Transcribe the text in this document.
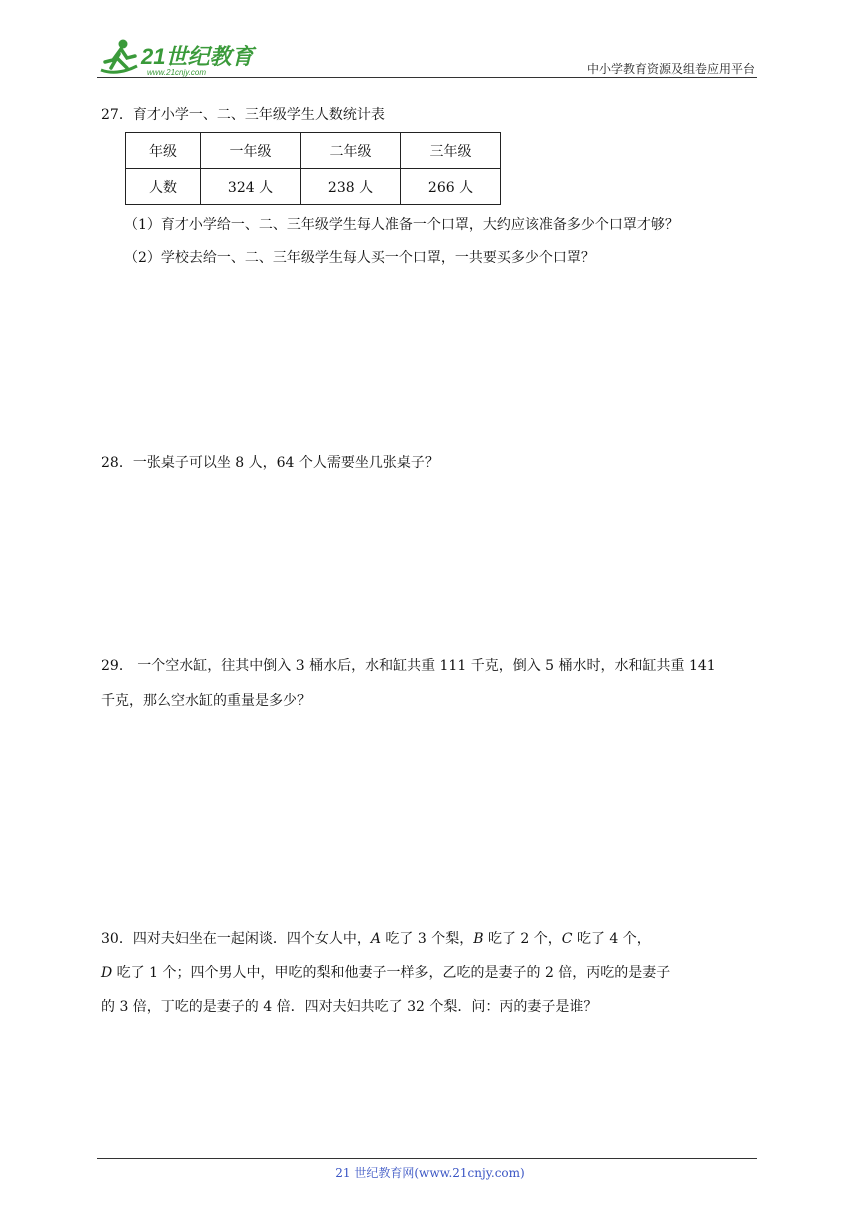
21世纪教育
www.21cnjy.com	中小学教育资源及组卷应用平台
27．育才小学一、二、三年级学生人数统计表
年级	一年级	二年级	三年级
人数	324 人	238 人	266 人
（1）育才小学给一、二、三年级学生每人准备一个口罩，大约应该准备多少个口罩才够？
（2）学校去给一、二、三年级学生每人买一个口罩，一共要买多少个口罩？
28．一张桌子可以坐 8 人，64 个人需要坐几张桌子？

29． 一个空水缸，往其中倒入 3 桶水后，水和缸共重 111 千克，倒入 5 桶水时，水和缸共重 141

千克，那么空水缸的重量是多少？

30．四对夫妇坐在一起闲谈．四个女人中，A 吃了 3 个梨，B 吃了 2 个，C 吃了 4 个，

D 吃了 1 个；四个男人中，甲吃的梨和他妻子一样多，乙吃的是妻子的 2 倍，丙吃的是妻子

的 3 倍，丁吃的是妻子的 4 倍．四对夫妇共吃了 32 个梨．问：丙的妻子是谁？

21 世纪教育网(www.21cnjy.com)
